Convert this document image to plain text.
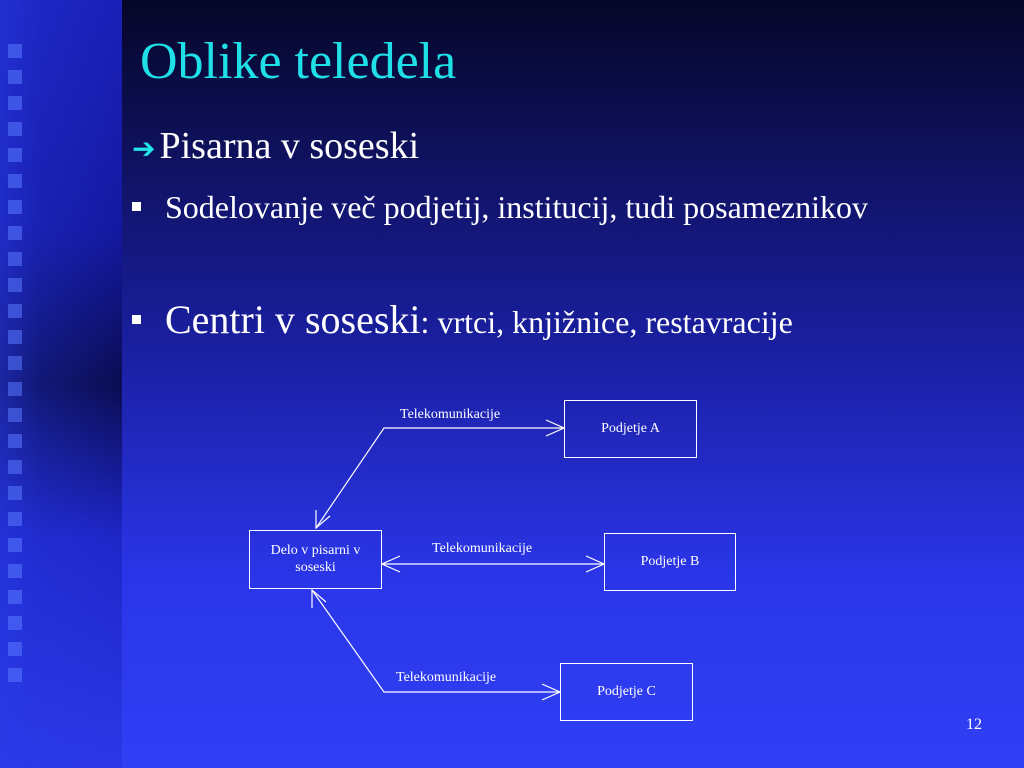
Oblike teledela
➔ Pisarna v soseski
Sodelovanje več podjetij, institucij, tudi posameznikov
Centri v soseski: vrtci, knjižnice, restavracije
Delo v pisarni v soseski
Podjetje A
Podjetje B
Podjetje C
Telekomunikacije
Telekomunikacije
Telekomunikacije
12
